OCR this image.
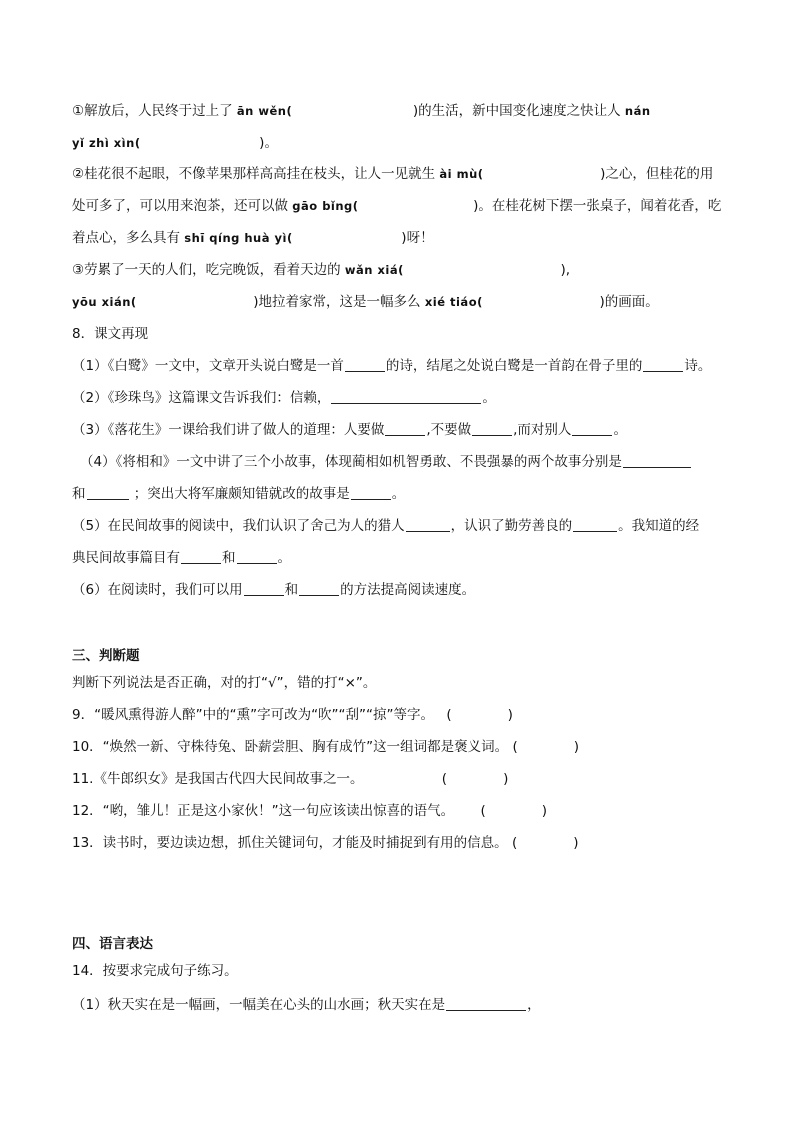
①解放后，人民终于过上了 ān wěn(	)的生活，新中国变化速度之快让人 nán
yǐ zhì xìn(	)。
②桂花很不起眼，不像苹果那样高高挂在枝头，让人一见就生 ài mù(	)之心，但桂花的用
处可多了，可以用来泡茶，还可以做 gāo bǐng(	)。在桂花树下摆一张桌子，闻着花香，吃
着点心，多么具有 shī qíng huà yì(	)呀！
③劳累了一天的人们，吃完晚饭，看着天边的 wǎn xiá(	),
yōu xián(	)地拉着家常，这是一幅多么 xié tiáo(	)的画面。
8．课文再现
（1）《白鹭》一文中，文章开头说白鹭是一首	的诗，结尾之处说白鹭是一首韵在骨子里的	诗。
（2）《珍珠鸟》这篇课文告诉我们：信赖，	。
（3）《落花生》一课给我们讲了做人的道理：人要做	,不要做	,而对别人	。
（4）《将相和》一文中讲了三个小故事，体现蔺相如机智勇敢、不畏强暴的两个故事分别是
和	；突出大将军廉颇知错就改的故事是	。
（5）在民间故事的阅读中，我们认识了舍己为人的猎人	，认识了勤劳善良的	。我知道的经
典民间故事篇目有	和	。
（6）在阅读时，我们可以用	和	的方法提高阅读速度。
三、判断题
判断下列说法是否正确，对的打“√”，错的打“×”。
9．“暖风熏得游人醉”中的“熏”字可改为“吹”“刮”“掠”等字。 (	)
10．“焕然一新、守株待兔、卧薪尝胆、胸有成竹”这一组词都是褒义词。 (	)
11.《牛郎织女》是我国古代四大民间故事之一。	(	)
12．“哟，雏儿！正是这小家伙！”这一句应该读出惊喜的语气。 (	)
13．读书时，要边读边想，抓住关键词句，才能及时捕捉到有用的信息。 (	)
四、语言表达
14．按要求完成句子练习。
（1）秋天实在是一幅画，一幅美在心头的山水画；秋天实在是	，
